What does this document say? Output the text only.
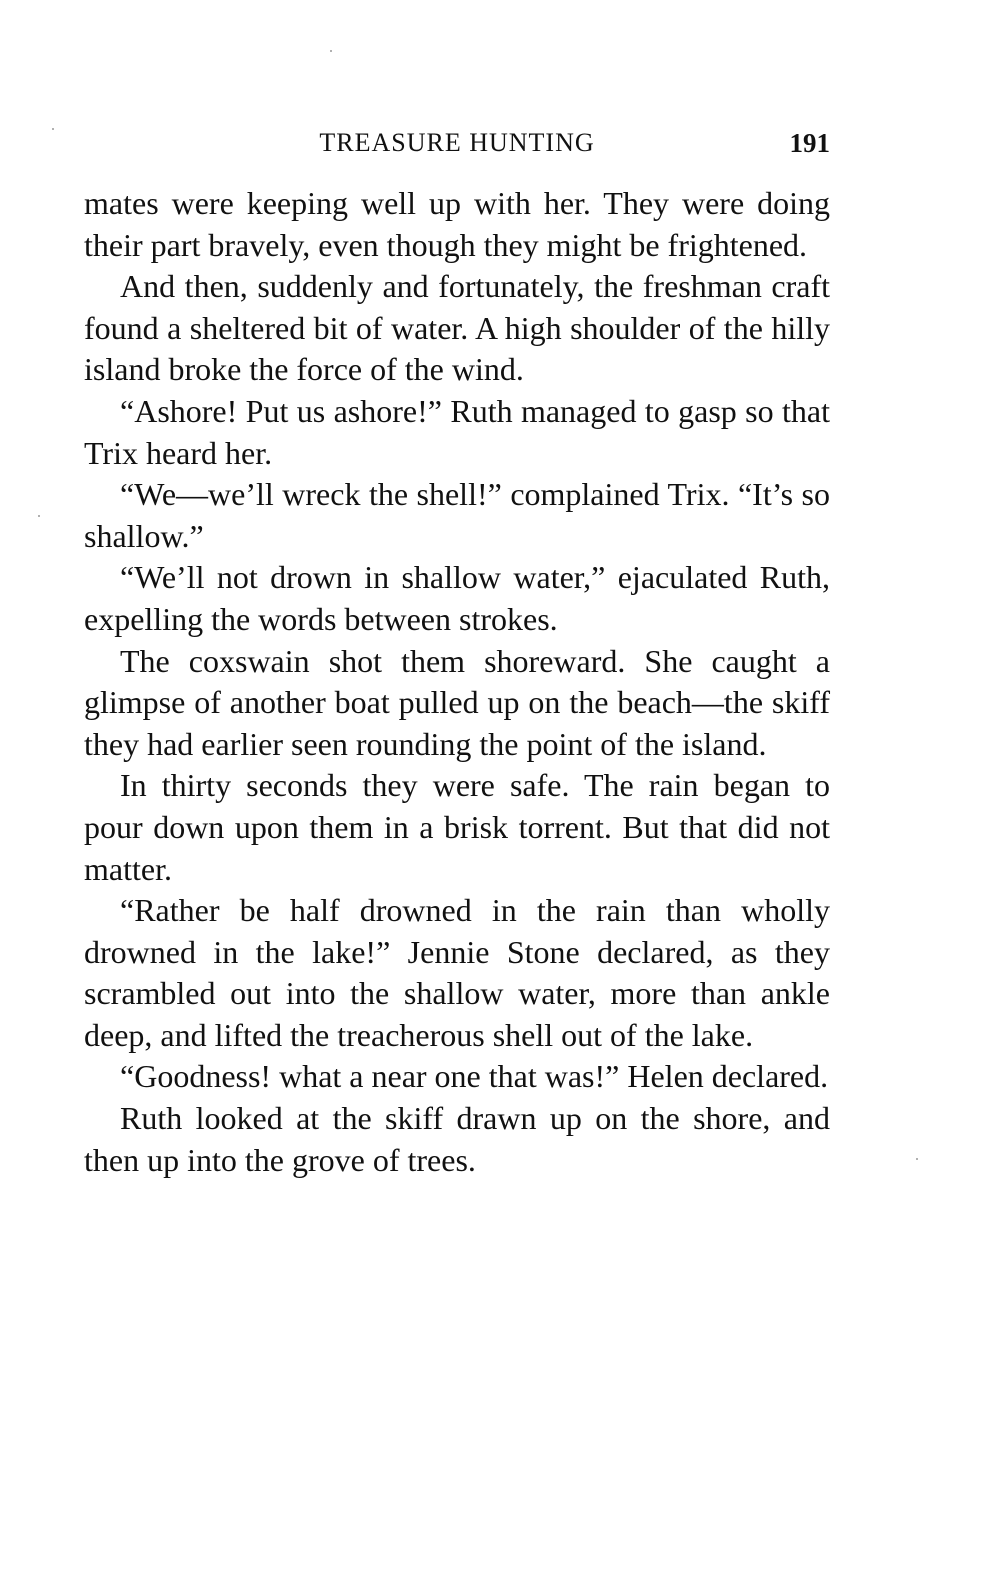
TREASURE HUNTING	191

mates were keeping well up with her. They were doing their part bravely, even though they might be frightened.

And then, suddenly and fortunately, the freshman craft found a sheltered bit of water. A high shoulder of the hilly island broke the force of the wind.

“Ashore! Put us ashore!” Ruth managed to gasp so that Trix heard her.

“We—we’ll wreck the shell!” complained Trix. “It’s so shallow.”

“We’ll not drown in shallow water,” ejaculated Ruth, expelling the words between strokes.

The coxswain shot them shoreward. She caught a glimpse of another boat pulled up on the beach—the skiff they had earlier seen rounding the point of the island.

In thirty seconds they were safe. The rain began to pour down upon them in a brisk torrent. But that did not matter.

“Rather be half drowned in the rain than wholly drowned in the lake!” Jennie Stone declared, as they scrambled out into the shallow water, more than ankle deep, and lifted the treacherous shell out of the lake.

“Goodness! what a near one that was!” Helen declared.

Ruth looked at the skiff drawn up on the shore, and then up into the grove of trees.
